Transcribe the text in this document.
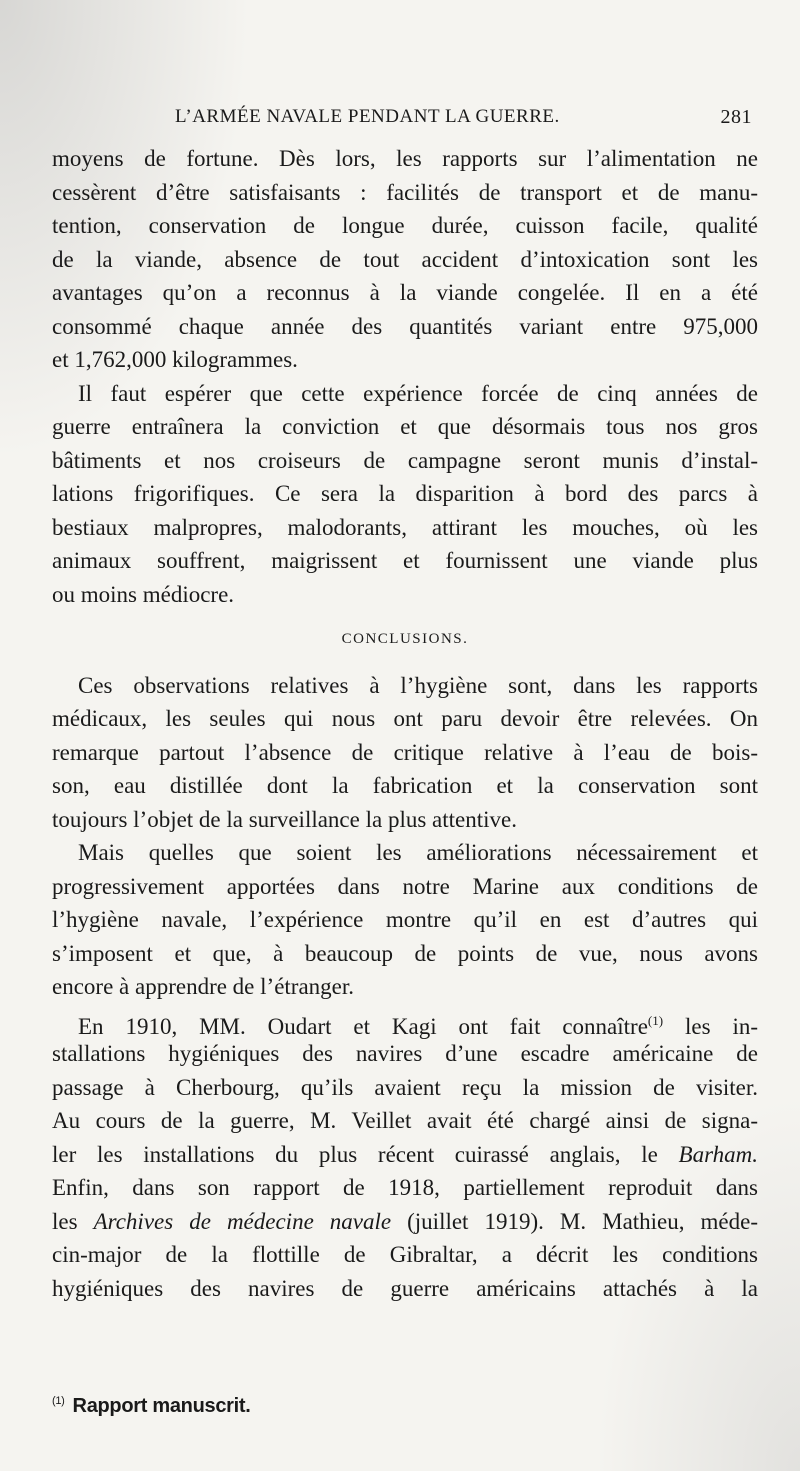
L’ARMÉE NAVALE PENDANT LA GUERRE.	281
moyens de fortune. Dès lors, les rapports sur l’alimentation ne
cessèrent d’être satisfaisants : facilités de transport et de manu-
tention, conservation de longue durée, cuisson facile, qualité
de la viande, absence de tout accident d’intoxication sont les
avantages qu’on a reconnus à la viande congelée. Il en a été
consommé chaque année des quantités variant entre 975,000
et 1,762,000 kilogrammes.
Il faut espérer que cette expérience forcée de cinq années de
guerre entraînera la conviction et que désormais tous nos gros
bâtiments et nos croiseurs de campagne seront munis d’instal-
lations frigorifiques. Ce sera la disparition à bord des parcs à
bestiaux malpropres, malodorants, attirant les mouches, où les
animaux souffrent, maigrissent et fournissent une viande plus
ou moins médiocre.
CONCLUSIONS.
Ces observations relatives à l’hygiène sont, dans les rapports
médicaux, les seules qui nous ont paru devoir être relevées. On
remarque partout l’absence de critique relative à l’eau de bois-
son, eau distillée dont la fabrication et la conservation sont
toujours l’objet de la surveillance la plus attentive.
Mais quelles que soient les améliorations nécessairement et
progressivement apportées dans notre Marine aux conditions de
l’hygiène navale, l’expérience montre qu’il en est d’autres qui
s’imposent et que, à beaucoup de points de vue, nous avons
encore à apprendre de l’étranger.
En 1910, MM. Oudart et Kagi ont fait connaître$^{(1)}$ les in-
stallations hygiéniques des navires d’une escadre américaine de
passage à Cherbourg, qu’ils avaient reçu la mission de visiter.
Au cours de la guerre, M. Veillet avait été chargé ainsi de signa-
ler les installations du plus récent cuirassé anglais, le Barham.
Enfin, dans son rapport de 1918, partiellement reproduit dans
les Archives de médecine navale (juillet 1919). M. Mathieu, méde-
cin-major de la flottille de Gibraltar, a décrit les conditions
hygiéniques des navires de guerre américains attachés à la
$^{(1)}$ Rapport manuscrit.
